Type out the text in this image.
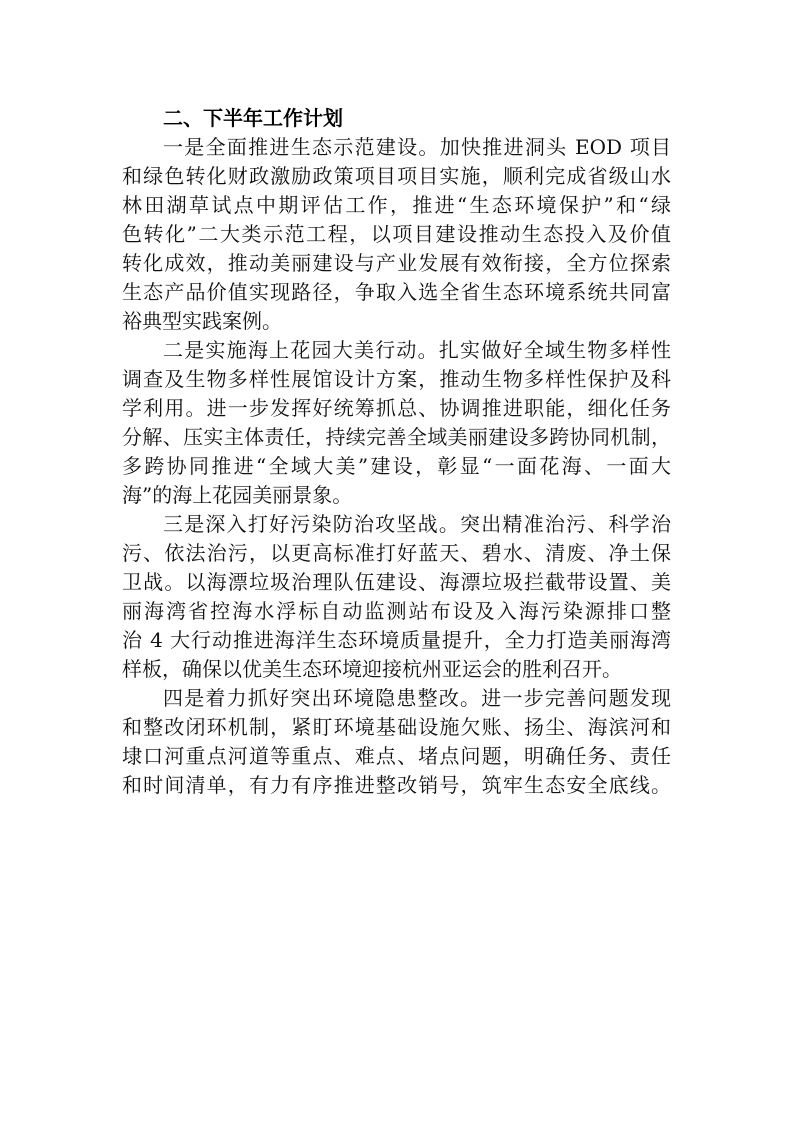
二、下半年工作计划
一是全面推进生态示范建设。加快推进洞头 EOD 项目
和绿色转化财政激励政策项目项目实施，顺利完成省级山水
林田湖草试点中期评估工作，推进“生态环境保护”和“绿
色转化”二大类示范工程，以项目建设推动生态投入及价值
转化成效，推动美丽建设与产业发展有效衔接，全方位探索
生态产品价值实现路径，争取入选全省生态环境系统共同富
裕典型实践案例。
二是实施海上花园大美行动。扎实做好全域生物多样性
调查及生物多样性展馆设计方案，推动生物多样性保护及科
学利用。进一步发挥好统筹抓总、协调推进职能，细化任务
分解、压实主体责任，持续完善全域美丽建设多跨协同机制，
多跨协同推进“全域大美”建设，彰显“一面花海、一面大
海”的海上花园美丽景象。
三是深入打好污染防治攻坚战。突出精准治污、科学治
污、依法治污，以更高标准打好蓝天、碧水、清废、净土保
卫战。以海漂垃圾治理队伍建设、海漂垃圾拦截带设置、美
丽海湾省控海水浮标自动监测站布设及入海污染源排口整
治 4 大行动推进海洋生态环境质量提升，全力打造美丽海湾
样板，确保以优美生态环境迎接杭州亚运会的胜利召开。
四是着力抓好突出环境隐患整改。进一步完善问题发现
和整改闭环机制，紧盯环境基础设施欠账、扬尘、海滨河和
埭口河重点河道等重点、难点、堵点问题，明确任务、责任
和时间清单，有力有序推进整改销号，筑牢生态安全底线。
